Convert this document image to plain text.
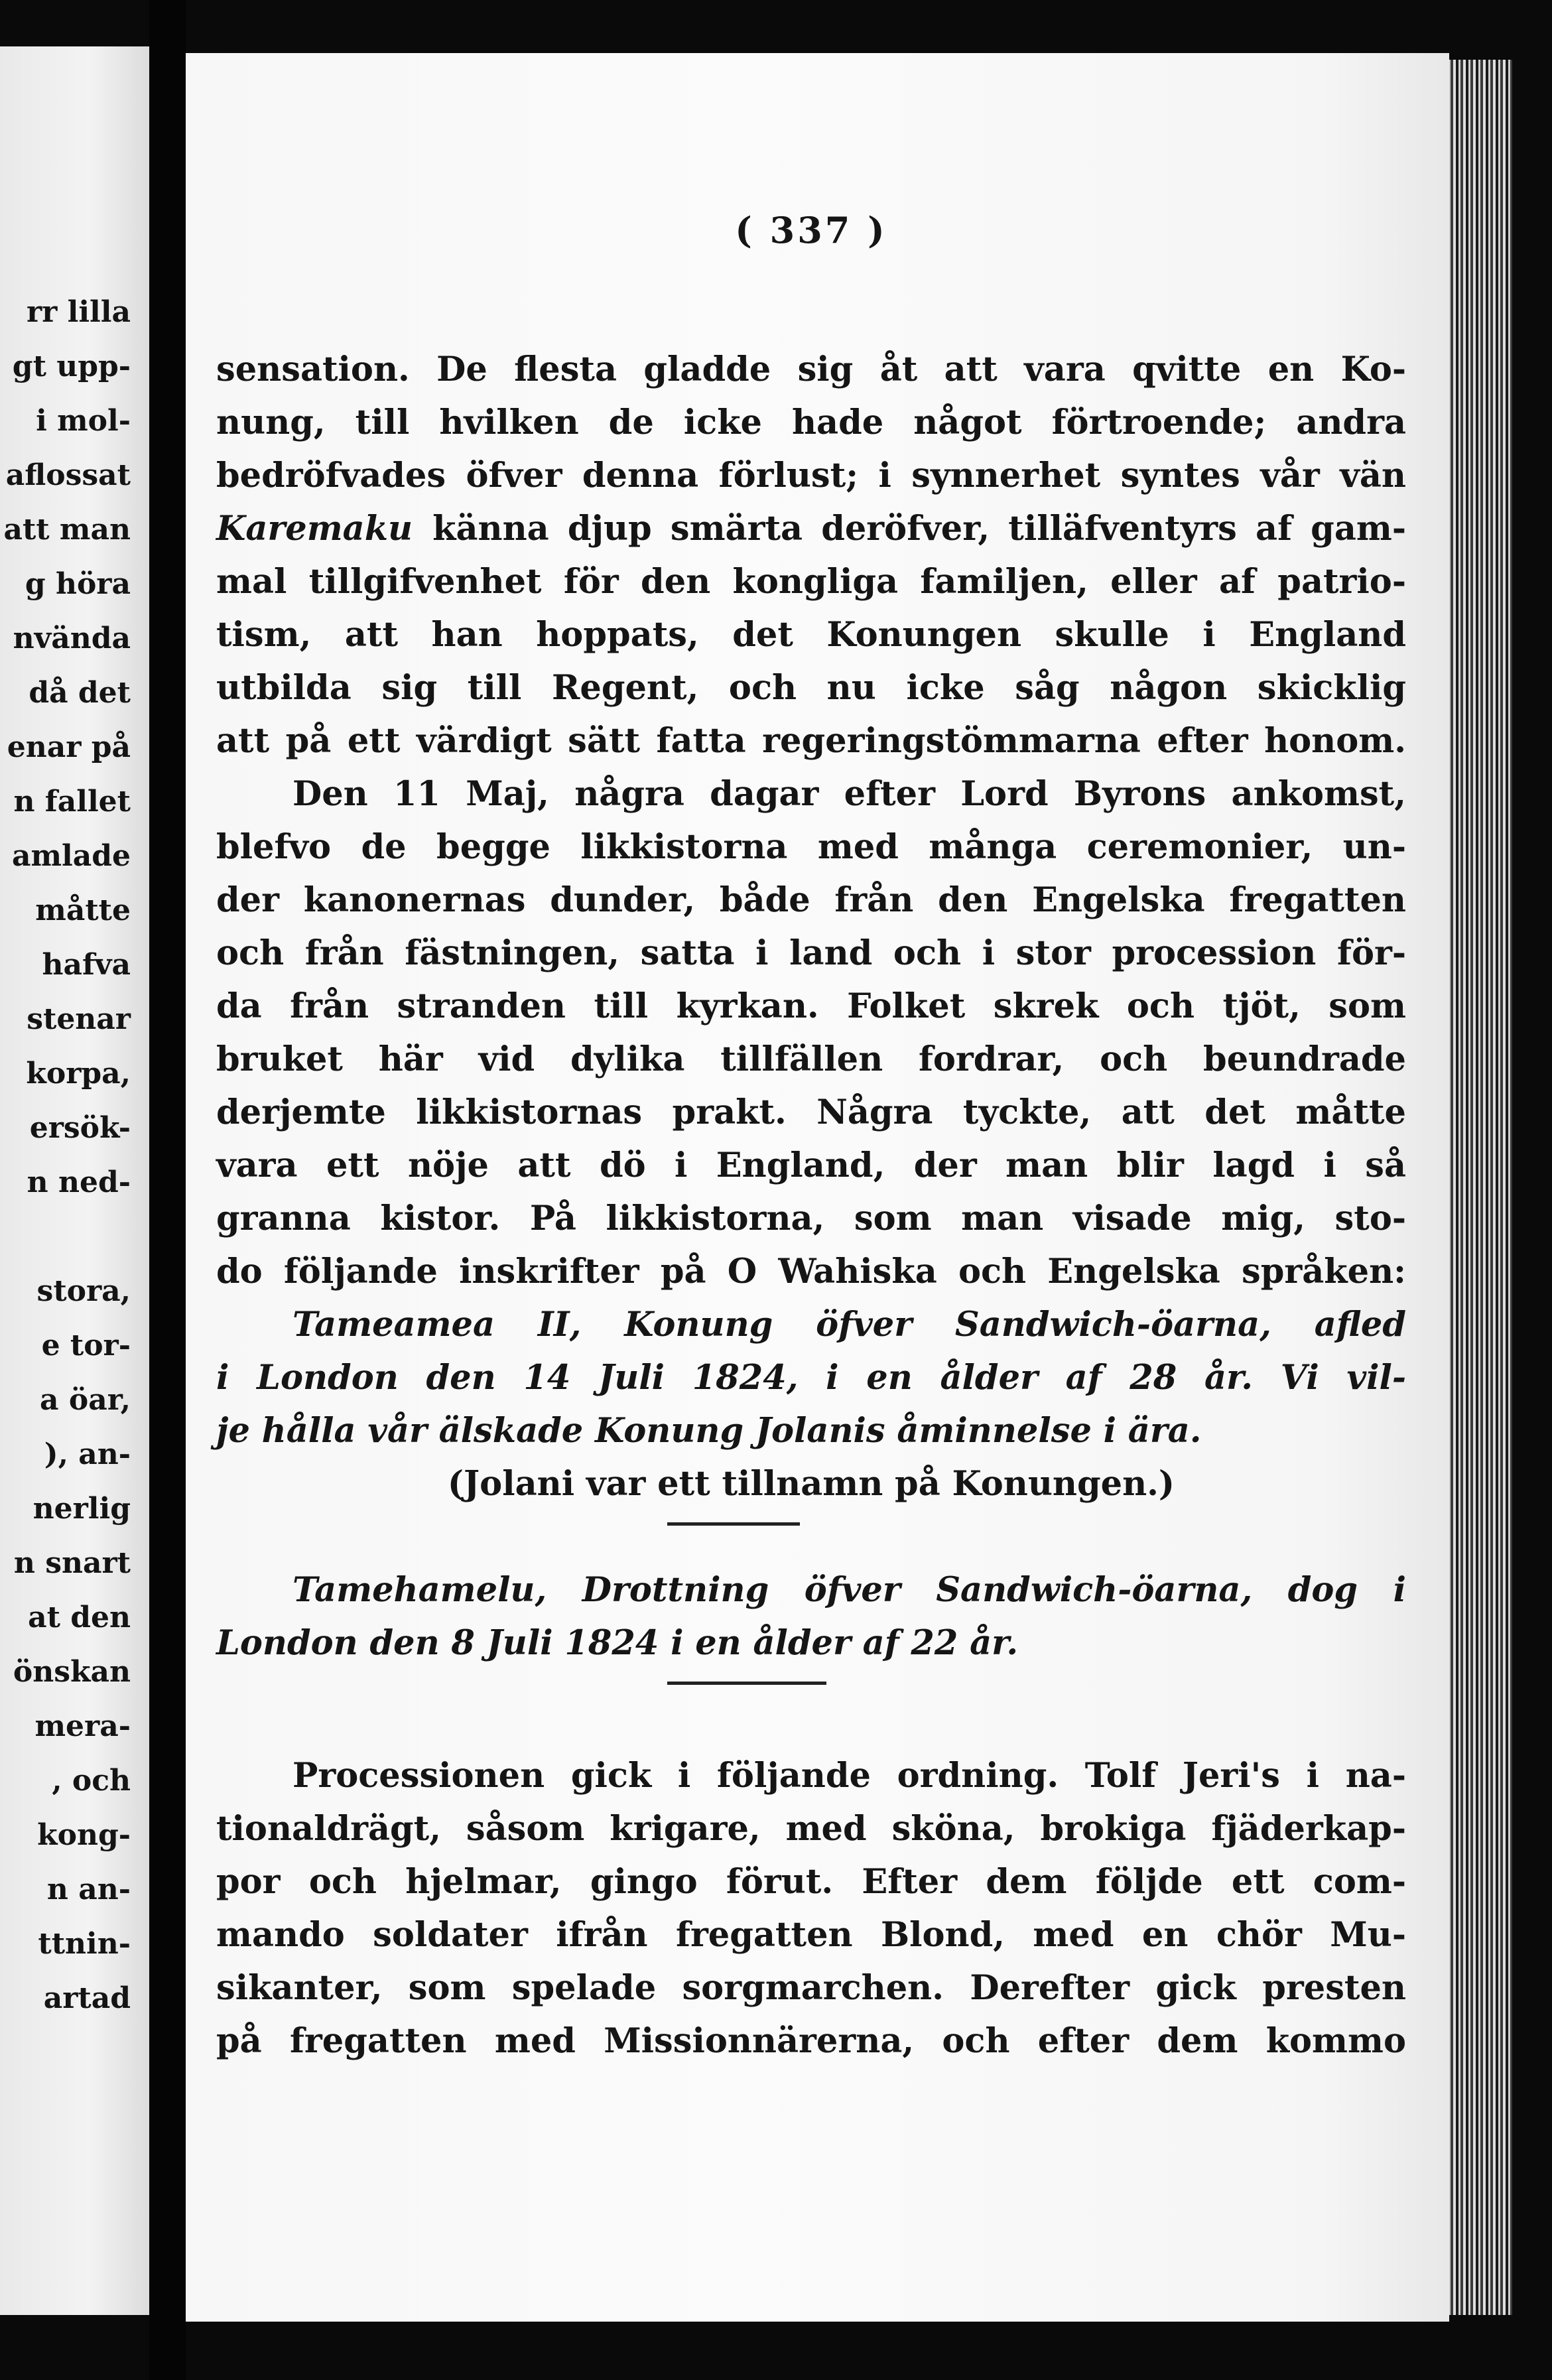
rr lilla
gt upp-
i mol-
aflossat
att man
g höra
nvända
då det
enar på
n fallet
amlade
måtte
hafva
stenar
korpa,
ersök-
n ned-
stora,
e tor-
a öar,
), an-
nerlig
n snart
at den
önskan
mera-
, och
kong-
n an-
ttnin-
artad
( 337 )
sensation. De flesta gladde sig åt att vara qvitte en Ko-
nung, till hvilken de icke hade något förtroende; andra
bedröfvades öfver denna förlust; i synnerhet syntes vår vän
Karemaku känna djup smärta deröfver, tilläfventyrs af gam-
mal tillgifvenhet för den kongliga familjen, eller af patrio-
tism, att han hoppats, det Konungen skulle i England
utbilda sig till Regent, och nu icke såg någon skicklig
att på ett värdigt sätt fatta regeringstömmarna efter honom.
Den 11 Maj, några dagar efter Lord Byrons ankomst,
blefvo de begge likkistorna med många ceremonier, un-
der kanonernas dunder, både från den Engelska fregatten
och från fästningen, satta i land och i stor procession för-
da från stranden till kyrkan. Folket skrek och tjöt, som
bruket här vid dylika tillfällen fordrar, och beundrade
derjemte likkistornas prakt. Några tyckte, att det måtte
vara ett nöje att dö i England, der man blir lagd i så
granna kistor. På likkistorna, som man visade mig, sto-
do följande inskrifter på O Wahiska och Engelska språken:
Tameamea II, Konung öfver Sandwich-öarna, afled
i London den 14 Juli 1824, i en ålder af 28 år. Vi vil-
je hålla vår älskade Konung Jolanis åminnelse i ära.
(Jolani var ett tillnamn på Konungen.)
Tamehamelu, Drottning öfver Sandwich-öarna, dog i
London den 8 Juli 1824 i en ålder af 22 år.
Processionen gick i följande ordning. Tolf Jeri's i na-
tionaldrägt, såsom krigare, med sköna, brokiga fjäderkap-
por och hjelmar, gingo förut. Efter dem följde ett com-
mando soldater ifrån fregatten Blond, med en chör Mu-
sikanter, som spelade sorgmarchen. Derefter gick presten
på fregatten med Missionnärerna, och efter dem kommo
